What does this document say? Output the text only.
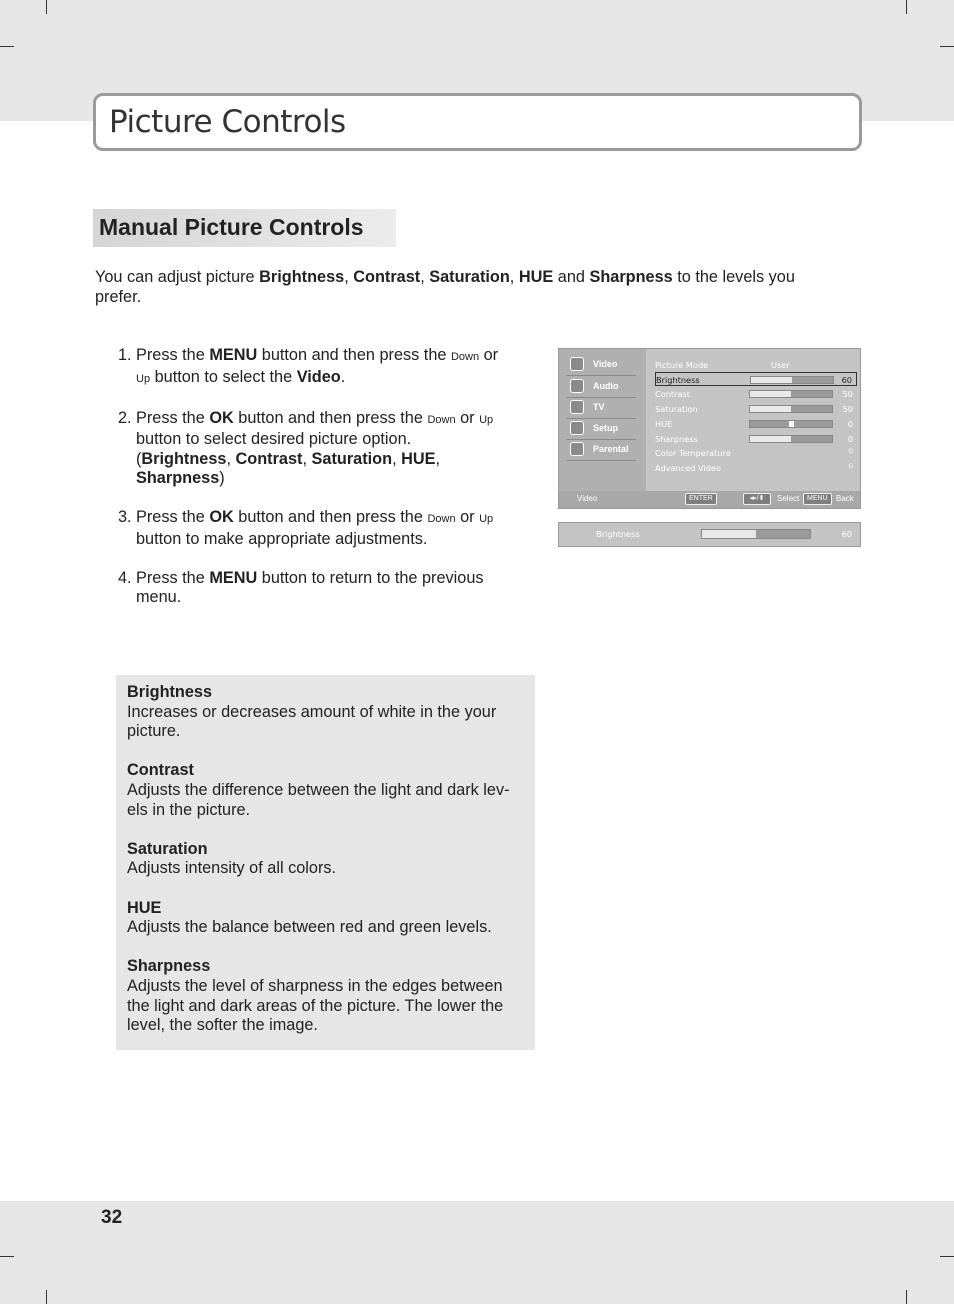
Picture Controls
Manual Picture Controls
You can adjust picture Brightness, Contrast, Saturation, HUE and Sharpness to the levels you prefer.
1. Press the MENU button and then press the Down or
Up button to select the Video.
2. Press the OK button and then press the Down or Up
button to select desired picture option.
(Brightness, Contrast, Saturation, HUE,
Sharpness)
3. Press the OK button and then press the Down or Up
button to make appropriate adjustments.
4. Press the MENU button to return to the previous menu.
Video
Audio
TV
Setup
Parental
Picture Mode	User
Brightness	60
Contrast	50
Saturation	50
HUE	0
Sharpness	0
Color Temperature	G
Advanced Video	G
Video	ENTER	◂▸/⬍	Select	MENU	Back
Brightness	60
Brightness
Increases or decreases amount of white in the your picture.
Contrast
Adjusts the difference between the light and dark lev-els in the picture.
Saturation
Adjusts intensity of all colors.
HUE
Adjusts the balance between red and green levels.
Sharpness
Adjusts the level of sharpness in the edges between the light and dark areas of the picture. The lower the level, the softer the image.
32
